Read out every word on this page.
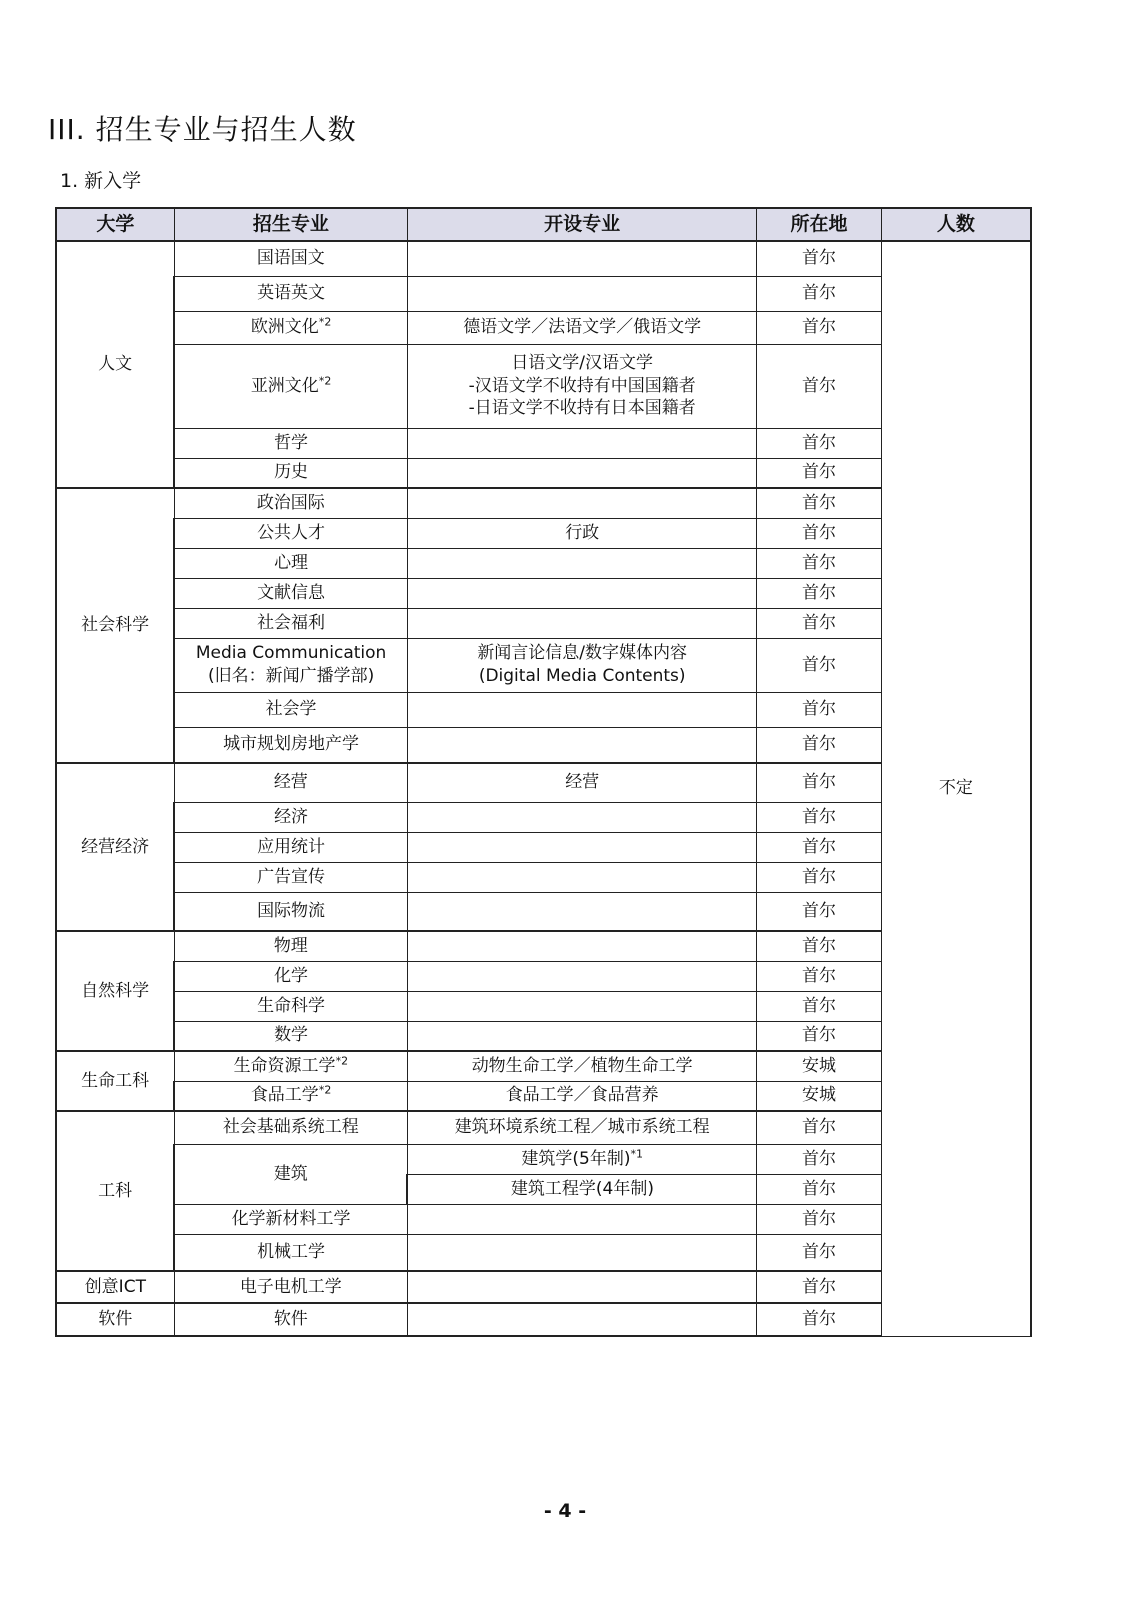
III. 招生专业与招生人数
1. 新入学
大学	招生专业	开设专业	所在地	人数
人文	国语国文		首尔	不定
	英语英文		首尔	
	欧洲文化$^{*2}$	德语文学／法语文学／俄语文学	首尔	
	亚洲文化$^{*2}$	日语文学/汉语文学
-汉语文学不收持有中国国籍者
-日语文学不收持有日本国籍者	首尔	
	哲学		首尔	
	历史		首尔	
社会科学	政治国际		首尔	
	公共人才	行政	首尔	
	心理		首尔	
	文献信息		首尔	
	社会福利		首尔	

	Media Communication
(旧名：新闻广播学部)	新闻言论信息/数字媒体内容
(Digital Media Contents)	首尔	
	社会学		首尔	
	城市规划房地产学		首尔	
经营经济	经营	经营	首尔	
	经济		首尔	
	应用统计		首尔	
	广告宣传		首尔	
	国际物流		首尔	
自然科学	物理		首尔	
	化学		首尔	
	生命科学		首尔	
	数学		首尔	
生命工科	生命资源工学$^{*2}$	动物生命工学／植物生命工学	安城	
	食品工学$^{*2}$	食品工学／食品营养	安城	
工科	社会基础系统工程	建筑环境系统工程／城市系统工程	首尔	
	建筑	建筑学(5年制)$^{*1}$	首尔	

		建筑工程学(4年制)	首尔	
	化学新材料工学		首尔	
	机械工学		首尔	
创意ICT	电子电机工学		首尔	
软件	软件		首尔	
- 4 -
